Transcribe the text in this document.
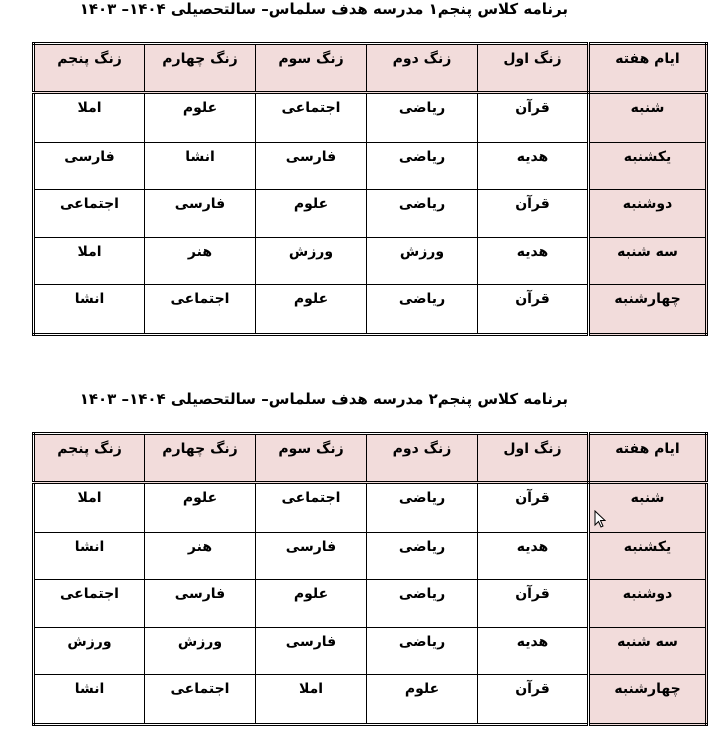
برنامه کلاس پنجم۱ مدرسه هدف سلماس– سالتحصیلی ۱۴۰۴– ۱۴۰۳
ایام هفته	زنگ اول	زنگ دوم	زنگ سوم	زنگ چهارم	زنگ پنجم
شنبه	قرآن	ریاضی	اجتماعی	علوم	املا
یکشنبه	هدیه	ریاضی	فارسی	انشا	فارسی
دوشنبه	قرآن	ریاضی	علوم	فارسی	اجتماعی
سه شنبه	هدیه	ورزش	ورزش	هنر	املا
چهارشنبه	قرآن	ریاضی	علوم	اجتماعی	انشا
برنامه کلاس پنجم۲ مدرسه هدف سلماس– سالتحصیلی ۱۴۰۴– ۱۴۰۳
ایام هفته	زنگ اول	زنگ دوم	زنگ سوم	زنگ چهارم	زنگ پنجم
شنبه	قرآن	ریاضی	اجتماعی	علوم	املا
یکشنبه	هدیه	ریاضی	فارسی	هنر	انشا
دوشنبه	قرآن	ریاضی	علوم	فارسی	اجتماعی
سه شنبه	هدیه	ریاضی	فارسی	ورزش	ورزش
چهارشنبه	قرآن	علوم	املا	اجتماعی	انشا
